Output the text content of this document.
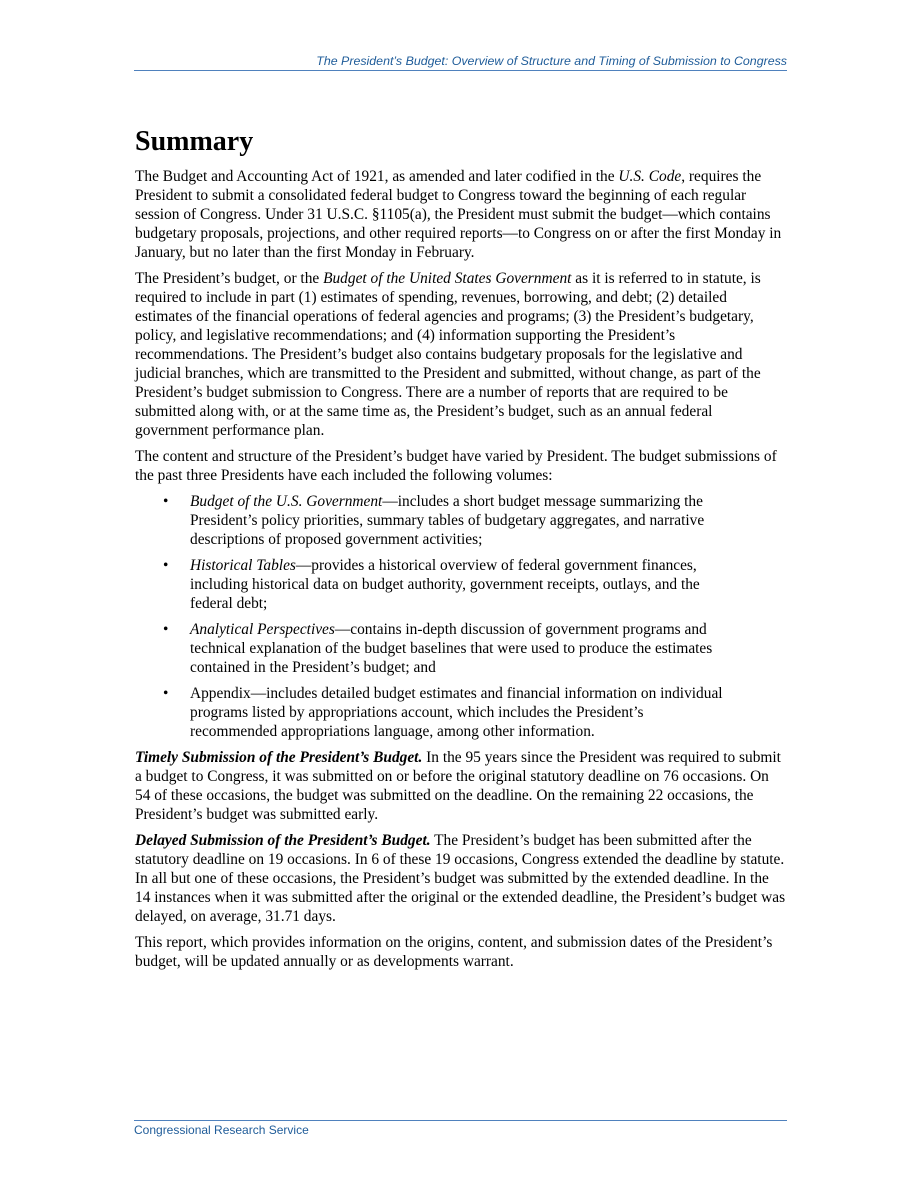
The President’s Budget: Overview of Structure and Timing of Submission to Congress
Summary

The Budget and Accounting Act of 1921, as amended and later codified in the U.S. Code, requires the President to submit a consolidated federal budget to Congress toward the beginning of each regular session of Congress. Under 31 U.S.C. §1105(a), the President must submit the budget—which contains budgetary proposals, projections, and other required reports—to Congress on or after the first Monday in January, but no later than the first Monday in February.

The President’s budget, or the Budget of the United States Government as it is referred to in statute, is required to include in part (1) estimates of spending, revenues, borrowing, and debt; (2) detailed estimates of the financial operations of federal agencies and programs; (3) the President’s budgetary, policy, and legislative recommendations; and (4) information supporting the President’s recommendations. The President’s budget also contains budgetary proposals for the legislative and judicial branches, which are transmitted to the President and submitted, without change, as part of the President’s budget submission to Congress. There are a number of reports that are required to be submitted along with, or at the same time as, the President’s budget, such as an annual federal government performance plan.

The content and structure of the President’s budget have varied by President. The budget submissions of the past three Presidents have each included the following volumes:

• Budget of the U.S. Government—includes a short budget message summarizing the President’s policy priorities, summary tables of budgetary aggregates, and narrative descriptions of proposed government activities;
• Historical Tables—provides a historical overview of federal government finances, including historical data on budget authority, government receipts, outlays, and the federal debt;
• Analytical Perspectives—contains in-depth discussion of government programs and technical explanation of the budget baselines that were used to produce the estimates contained in the President’s budget; and
• Appendix—includes detailed budget estimates and financial information on individual programs listed by appropriations account, which includes the President’s recommended appropriations language, among other information.

Timely Submission of the President’s Budget. In the 95 years since the President was required to submit a budget to Congress, it was submitted on or before the original statutory deadline on 76 occasions. On 54 of these occasions, the budget was submitted on the deadline. On the remaining 22 occasions, the President’s budget was submitted early.

Delayed Submission of the President’s Budget. The President’s budget has been submitted after the statutory deadline on 19 occasions. In 6 of these 19 occasions, Congress extended the deadline by statute. In all but one of these occasions, the President’s budget was submitted by the extended deadline. In the 14 instances when it was submitted after the original or the extended deadline, the President’s budget was delayed, on average, 31.71 days.

This report, which provides information on the origins, content, and submission dates of the President’s budget, will be updated annually or as developments warrant.

Congressional Research Service
